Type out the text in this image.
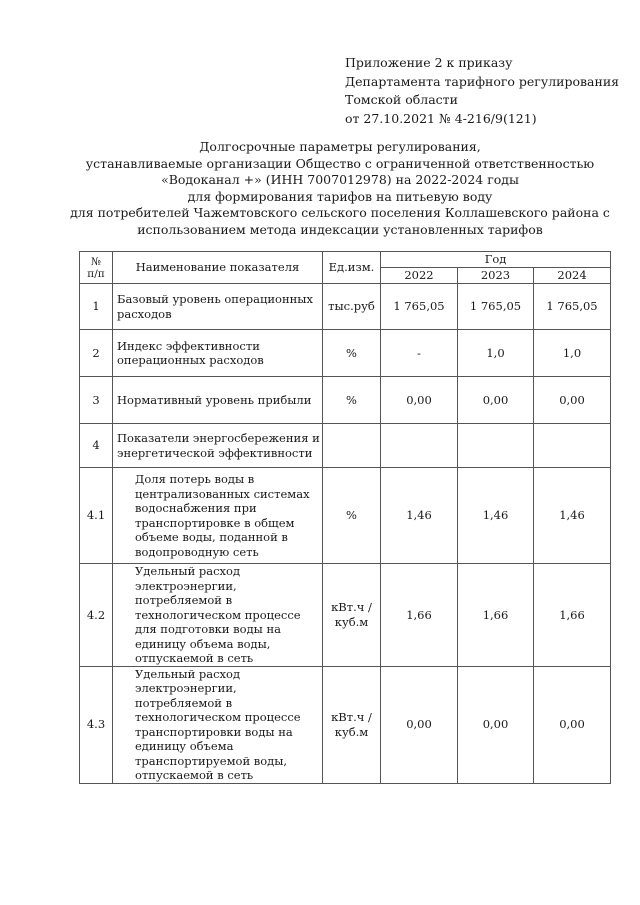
Приложение 2 к приказу
Департамента тарифного регулирования
Томской области
от 27.10.2021 № 4-216/9(121)
Долгосрочные параметры регулирования,
устанавливаемые организации Общество с ограниченной ответственностью
«Водоканал +» (ИНН 7007012978) на 2022-2024 годы
для формирования тарифов на питьевую воду
для потребителей Чажемтовского сельского поселения Коллашевского района с
использованием метода индексации установленных тарифов
№
п/п	Наименование показателя	Ед.изм.	Год		
			2022	2023	2024
1	Базовый уровень операционных расходов	тыс.руб	1 765,05	1 765,05	1 765,05
2	Индекс эффективности операционных расходов	%	-	1,0	1,0
3	Нормативный уровень прибыли	%	0,00	0,00	0,00
4	Показатели энергосбережения и энергетической эффективности				
4.1	Доля потерь воды в централизованных системах водоснабжения при транспортировке в общем объеме воды, поданной в водопроводную сеть	%	1,46	1,46	1,46
4.2	Удельный расход электроэнергии, потребляемой в технологическом процессе для подготовки воды на единицу объема воды, отпускаемой в сеть	кВт.ч / куб.м	1,66	1,66	1,66
4.3	Удельный расход электроэнергии, потребляемой в технологическом процессе транспортировки воды на единицу объема транспортируемой воды, отпускаемой в сеть	кВт.ч / куб.м	0,00	0,00	0,00
